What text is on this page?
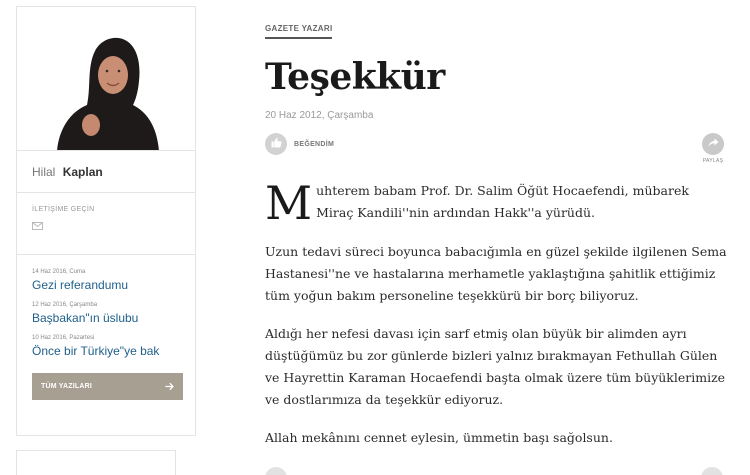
Hilal Kaplan
İLETİŞİME GEÇİN
14 Haz 2016, Cuma
Gezi referandumu
12 Haz 2016, Çarşamba
Başbakan"ın üslubu
10 Haz 2016, Pazartesi
Önce bir Türkiye"ye bak
TÜM YAZILARI
GAZETE YAZARI
Teşekkür
20 Haz 2012, Çarşamba
BEĞENDİM
PAYLAŞ

Muhterem babam Prof. Dr. Salim Öğüt Hocaefendi, mübarek Miraç Kandili''nin ardından Hakk''a yürüdü.

Uzun tedavi süreci boyunca babacığımla en güzel şekilde ilgilenen Sema Hastanesi''ne ve hastalarına merhametle yaklaştığına şahitlik ettiğimiz tüm yoğun bakım personeline teşekkürü bir borç biliyoruz.

Aldığı her nefesi davası için sarf etmiş olan büyük bir alimden ayrı düştüğümüz bu zor günlerde bizleri yalnız bırakmayan Fethullah Gülen ve Hayrettin Karaman Hocaefendi başta olmak üzere tüm büyüklerimize ve dostlarımıza da teşekkür ediyoruz.

Allah mekânını cennet eylesin, ümmetin başı sağolsun.
